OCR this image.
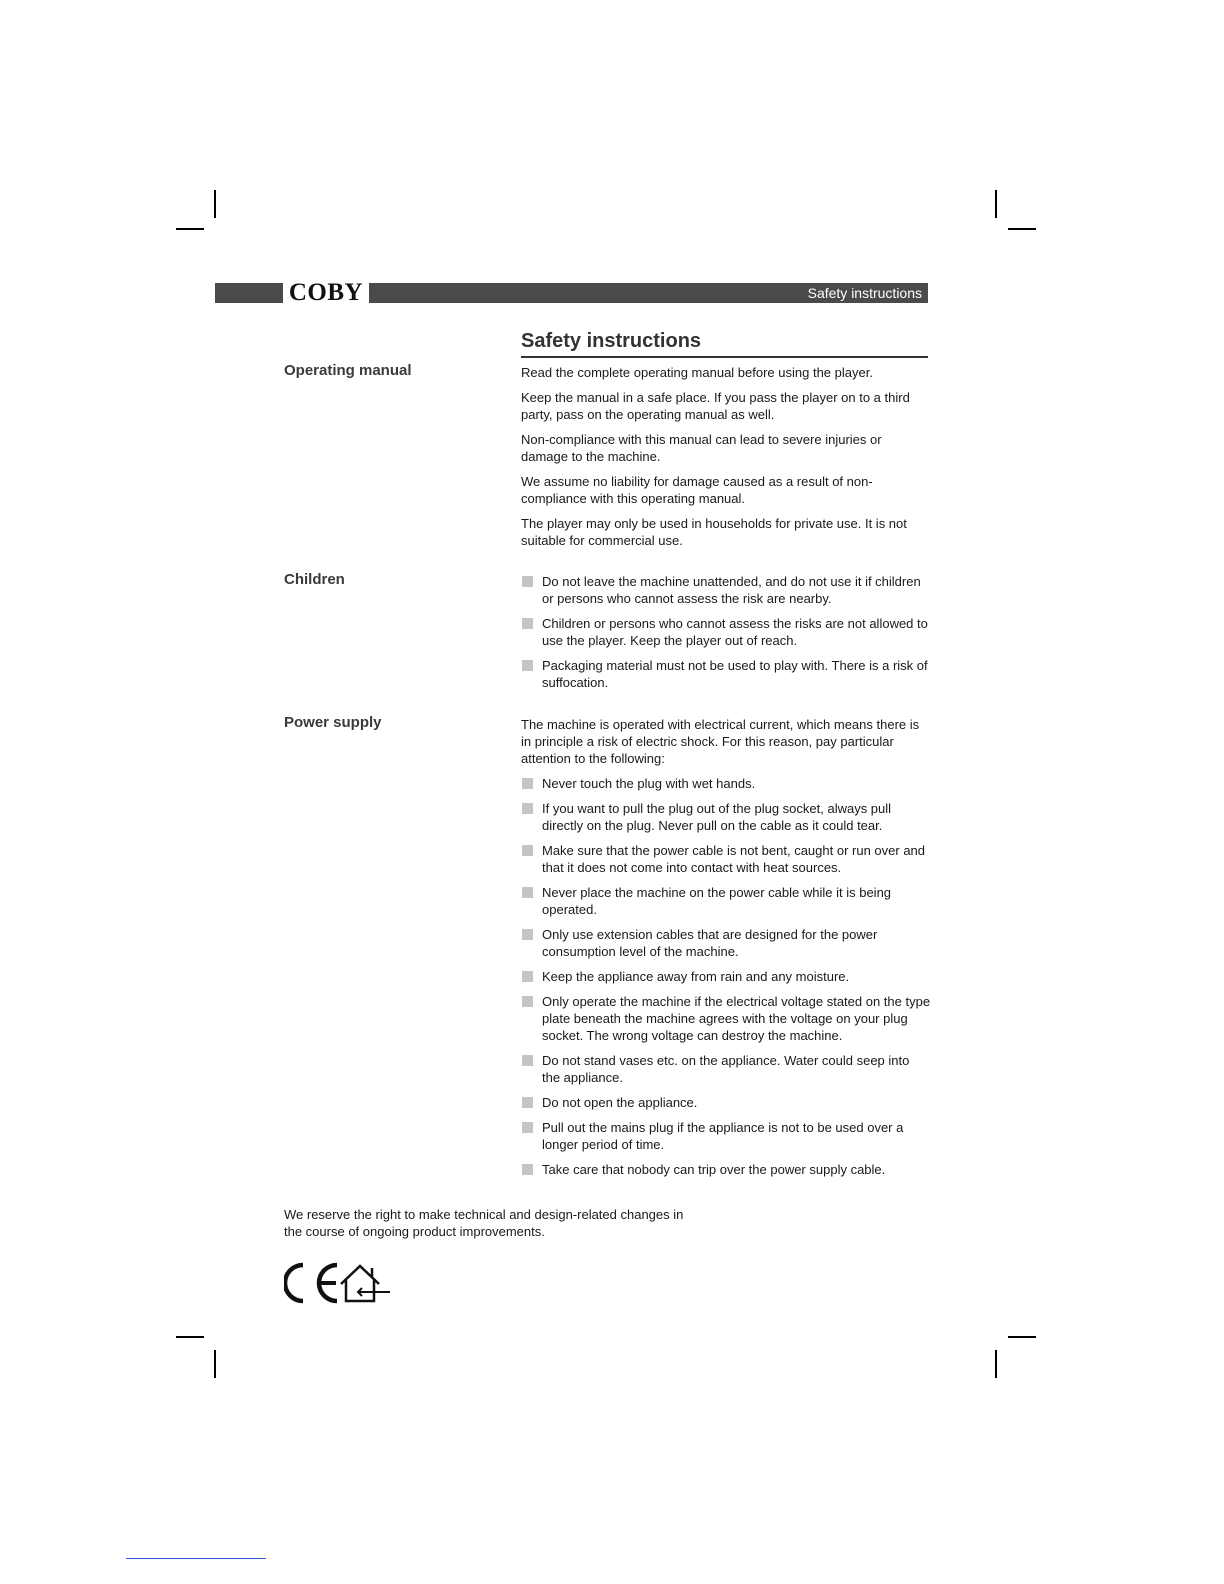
COBY	Safety instructions
Safety instructions
Operating manual	Read the complete operating manual before using the player.

Keep the manual in a safe place. If you pass the player on to a third party, pass on the operating manual as well.

Non-compliance with this manual can lead to severe injuries or damage to the machine.

We assume no liability for damage caused as a result of non-compliance with this operating manual.

The player may only be used in households for private use. It is not suitable for commercial use.

Children	Do not leave the machine unattended, and do not use it if children or persons who cannot assess the risk are nearby.
Children or persons who cannot assess the risks are not allowed to use the player. Keep the player out of reach.
Packaging material must not be used to play with. There is a risk of suffocation.
Power supply	The machine is operated with electrical current, which means there is in principle a risk of electric shock. For this reason, pay particular attention to the following:

Never touch the plug with wet hands.
If you want to pull the plug out of the plug socket, always pull directly on the plug. Never pull on the cable as it could tear.
Make sure that the power cable is not bent, caught or run over and that it does not come into contact with heat sources.
Never place the machine on the power cable while it is being operated.
Only use extension cables that are designed for the power consumption level of the machine.
Keep the appliance away from rain and any moisture.
Only operate the machine if the electrical voltage stated on the type plate beneath the machine agrees with the voltage on your plug socket. The wrong voltage can destroy the machine.
Do not stand vases etc. on the appliance. Water could seep into the appliance.
Do not open the appliance.
Pull out the mains plug if the appliance is not to be used over a longer period of time.
Take care that nobody can trip over the power supply cable.
We reserve the right to make technical and design-related changes in the course of ongoing product improvements.
